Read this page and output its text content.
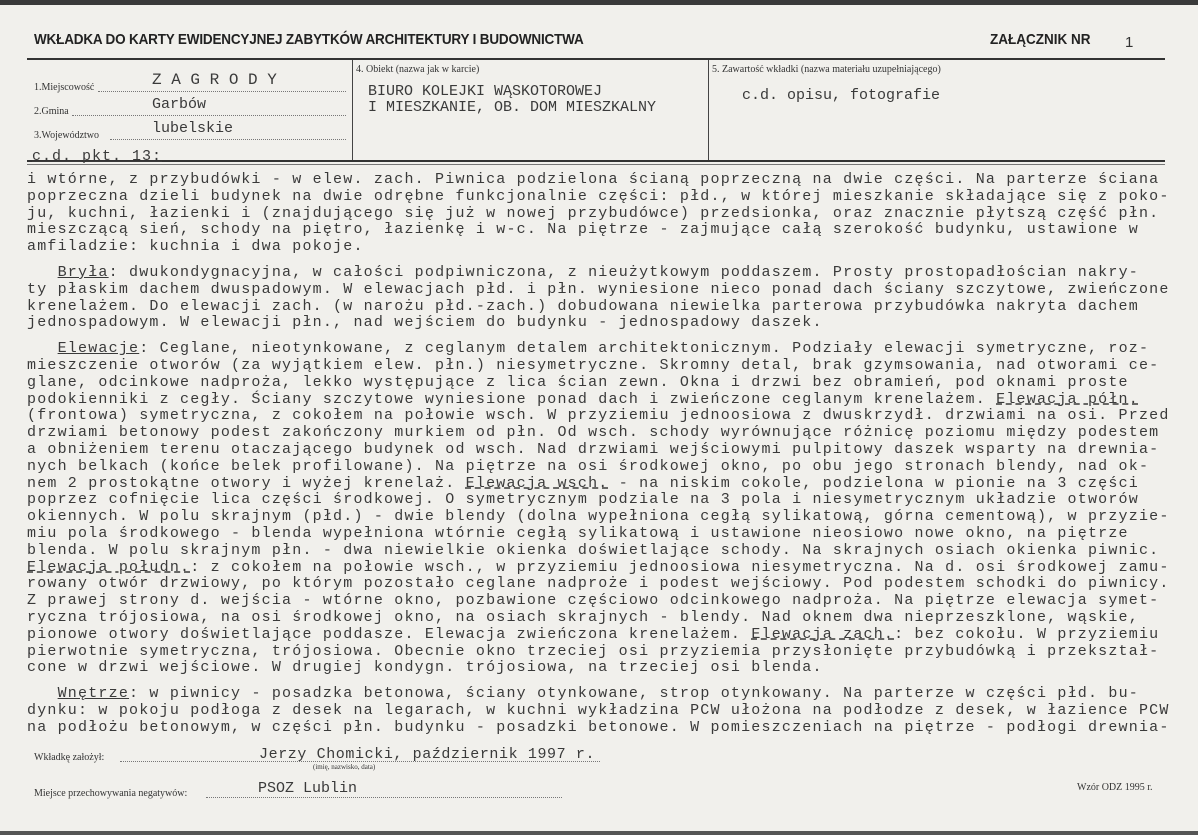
WKŁADKA DO KARTY EWIDENCYJNEJ ZABYTKÓW ARCHITEKTURY I BUDOWNICTWA	ZAŁĄCZNIK NR 1
1.Miejscowość	Z A G R O D Y
2.Gmina	Garbów
3.Województwo	lubelskie
4. Obiekt (nazwa jak w karcie)
BIURO KOLEJKI WĄSKOTOROWEJ
I MIESZKANIE, OB. DOM MIESZKALNY
5. Zawartość wkładki (nazwa materiału uzupełniającego)
c.d. opisu, fotografie
c.d. pkt. 13:
i wtórne, z przybudówki - w elew. zach. Piwnica podzielona ścianą poprzeczną na dwie części. Na parterze ściana
poprzeczna dzieli budynek na dwie odrębne funkcjonalnie części: płd., w której mieszkanie składające się z poko-
ju, kuchni, łazienki i (znajdującego się już w nowej przybudówce) przedsionka, oraz znacznie płytszą część płn.
mieszczącą sień, schody na piętro, łazienkę i w-c. Na piętrze - zajmujące całą szerokość budynku, ustawione w
amfiladzie: kuchnia i dwa pokoje.
Bryła: dwukondygnacyjna, w całości podpiwniczona, z nieużytkowym poddaszem. Prosty prostopadłościan nakry-
ty płaskim dachem dwuspadowym. W elewacjach płd. i płn. wyniesione nieco ponad dach ściany szczytowe, zwieńczone
krenelażem. Do elewacji zach. (w narożu płd.-zach.) dobudowana niewielka parterowa przybudówka nakryta dachem
jednospadowym. W elewacji płn., nad wejściem do budynku - jednospadowy daszek.
Elewacje: Ceglane, nieotynkowane, z ceglanym detalem architektonicznym. Podziały elewacji symetryczne, roz-
mieszczenie otworów (za wyjątkiem elew. płn.) niesymetryczne. Skromny detal, brak gzymsowania, nad otworami ce-
glane, odcinkowe nadproża, lekko występujące z lica ścian zewn. Okna i drzwi bez obramień, pod oknami proste
podokienniki z cegły. Ściany szczytowe wyniesione ponad dach i zwieńczone ceglanym krenelażem. Elewacja półn.
(frontowa) symetryczna, z cokołem na połowie wsch. W przyziemiu jednoosiowa z dwuskrzydł. drzwiami na osi. Przed
drzwiami betonowy podest zakończony murkiem od płn. Od wsch. schody wyrównujące różnicę poziomu między podestem
a obniżeniem terenu otaczającego budynek od wsch. Nad drzwiami wejściowymi pulpitowy daszek wsparty na drewnia-
nych belkach (końce belek profilowane). Na piętrze na osi środkowej okno, po obu jego stronach blendy, nad ok-
nem 2 prostokątne otwory i wyżej krenelaż. Elewacja wsch. - na niskim cokole, podzielona w pionie na 3 części
poprzez cofnięcie lica części środkowej. O symetrycznym podziale na 3 pola i niesymetrycznym układzie otworów
okiennych. W polu skrajnym (płd.) - dwie blendy (dolna wypełniona cegłą sylikatową, górna cementową), w przyzie-
miu pola środkowego - blenda wypełniona wtórnie cegłą sylikatową i ustawione nieosiowo nowe okno, na piętrze
blenda. W polu skrajnym płn. - dwa niewielkie okienka doświetlające schody. Na skrajnych osiach okienka piwnic.
Elewacja połudn.: z cokołem na połowie wsch., w przyziemiu jednoosiowa niesymetryczna. Na d. osi środkowej zamu-
rowany otwór drzwiowy, po którym pozostało ceglane nadproże i podest wejściowy. Pod podestem schodki do piwnicy.
Z prawej strony d. wejścia - wtórne okno, pozbawione częściowo odcinkowego nadproża. Na piętrze elewacja symet-
ryczna trójosiowa, na osi środkowej okno, na osiach skrajnych - blendy. Nad oknem dwa nieprzeszklone, wąskie,
pionowe otwory doświetlające poddasze. Elewacja zwieńczona krenelażem. Elewacja zach.: bez cokołu. W przyziemiu
pierwotnie symetryczna, trójosiowa. Obecnie okno trzeciej osi przyziemia przysłonięte przybudówką i przekształ-
cone w drzwi wejściowe. W drugiej kondygn. trójosiowa, na trzeciej osi blenda.
Wnętrze: w piwnicy - posadzka betonowa, ściany otynkowane, strop otynkowany. Na parterze w części płd. bu-
dynku: w pokoju podłoga z desek na legarach, w kuchni wykładzina PCW ułożona na podłodze z desek, w łazience PCW
na podłożu betonowym, w części płn. budynku - posadzki betonowe. W pomieszczeniach na piętrze - podłogi drewnia-
Wkładkę założył:	Jerzy Chomicki, październik 1997 r.
(imię, nazwisko, data)
Miejsce przechowywania negatywów:	PSOZ Lublin	Wzór ODZ 1995 r.
